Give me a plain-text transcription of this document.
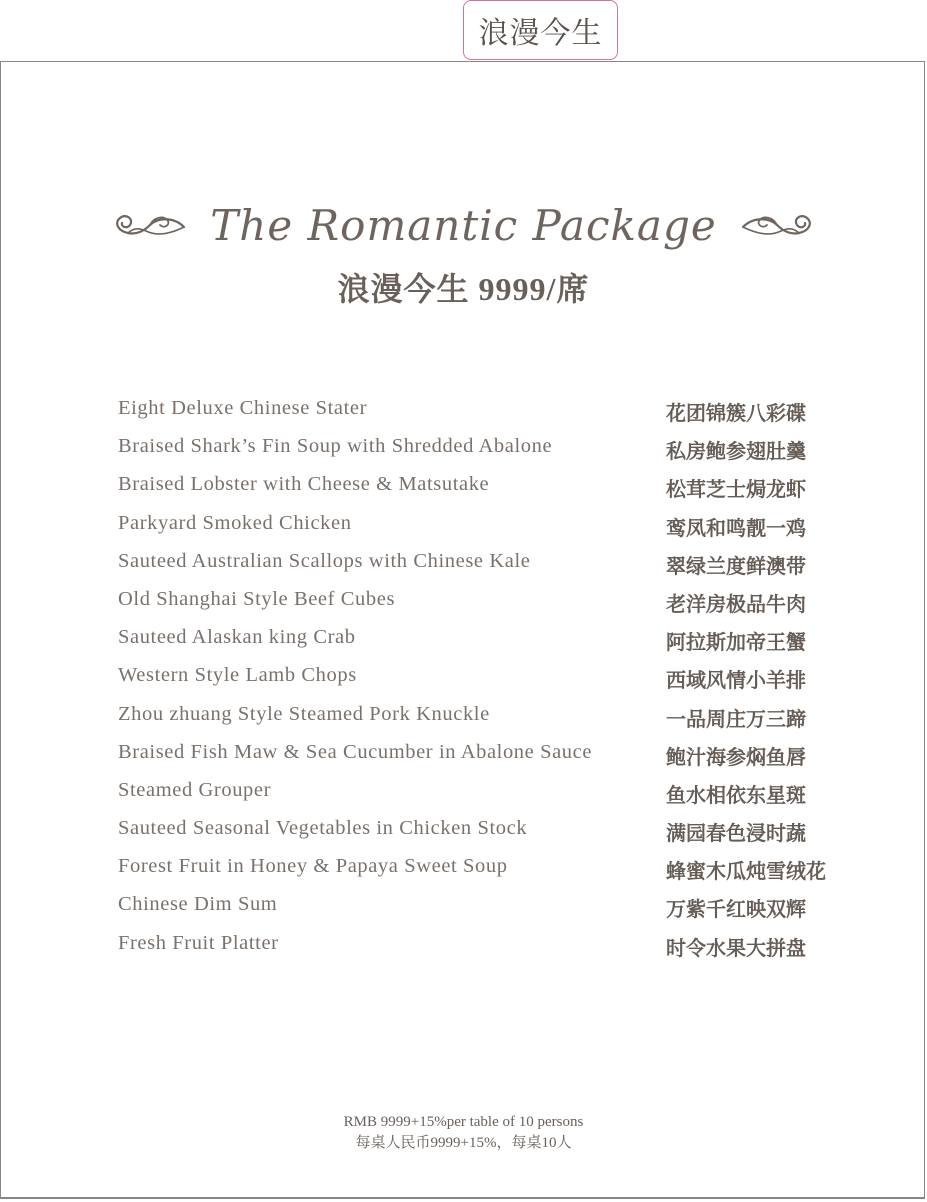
浪漫今生
The Romantic Package
浪漫今生 9999/席
Eight Deluxe Chinese Stater	花团锦簇八彩碟
Braised Shark’s Fin Soup with Shredded Abalone	私房鲍参翅肚羹
Braised Lobster with Cheese & Matsutake	松茸芝士焗龙虾
Parkyard Smoked Chicken	鸾凤和鸣靓一鸡
Sauteed Australian Scallops with Chinese Kale	翠绿兰度鲜澳带
Old Shanghai Style Beef Cubes	老洋房极品牛肉
Sauteed Alaskan king Crab	阿拉斯加帝王蟹
Western Style Lamb Chops	西域风情小羊排
Zhou zhuang Style Steamed Pork Knuckle	一品周庄万三蹄
Braised Fish Maw & Sea Cucumber in Abalone Sauce	鲍汁海参焖鱼唇
Steamed Grouper	鱼水相依东星斑
Sauteed Seasonal Vegetables in Chicken Stock	满园春色浸时蔬
Forest Fruit in Honey & Papaya Sweet Soup	蜂蜜木瓜炖雪绒花
Chinese Dim Sum	万紫千红映双辉
Fresh Fruit Platter	时令水果大拼盘
RMB 9999+15%per table of 10 persons
每桌人民币9999+15%，每桌10人
